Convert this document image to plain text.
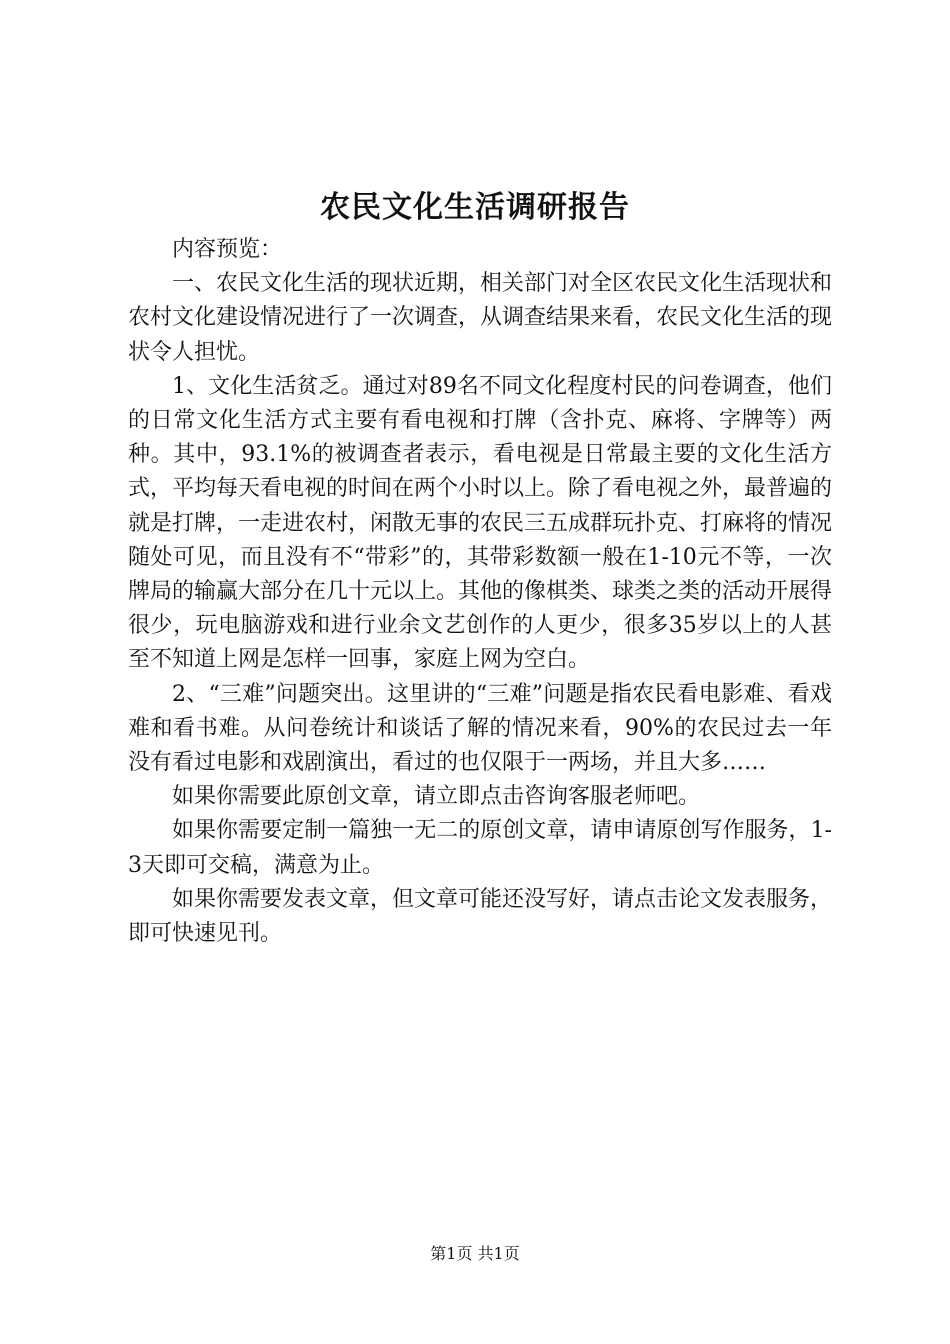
农民文化生活调研报告

内容预览：

一、农民文化生活的现状近期，相关部门对全区农民文化生活现状和农村文化建设情况进行了一次调查，从调查结果来看，农民文化生活的现状令人担忧。

1、文化生活贫乏。通过对89名不同文化程度村民的问卷调查，他们的日常文化生活方式主要有看电视和打牌（含扑克、麻将、字牌等）两种。其中，93.1%的被调查者表示，看电视是日常最主要的文化生活方式，平均每天看电视的时间在两个小时以上。除了看电视之外，最普遍的就是打牌，一走进农村，闲散无事的农民三五成群玩扑克、打麻将的情况随处可见，而且没有不“带彩”的，其带彩数额一般在1-10元不等，一次牌局的输赢大部分在几十元以上。其他的像棋类、球类之类的活动开展得很少，玩电脑游戏和进行业余文艺创作的人更少，很多35岁以上的人甚至不知道上网是怎样一回事，家庭上网为空白。

2、“三难”问题突出。这里讲的“三难”问题是指农民看电影难、看戏难和看书难。从问卷统计和谈话了解的情况来看，90%的农民过去一年没有看过电影和戏剧演出，看过的也仅限于一两场，并且大多……

如果你需要此原创文章，请立即点击咨询客服老师吧。

如果你需要定制一篇独一无二的原创文章，请申请原创写作服务，1-3天即可交稿，满意为止。

如果你需要发表文章，但文章可能还没写好，请点击论文发表服务，即可快速见刊。

第1页 共1页
